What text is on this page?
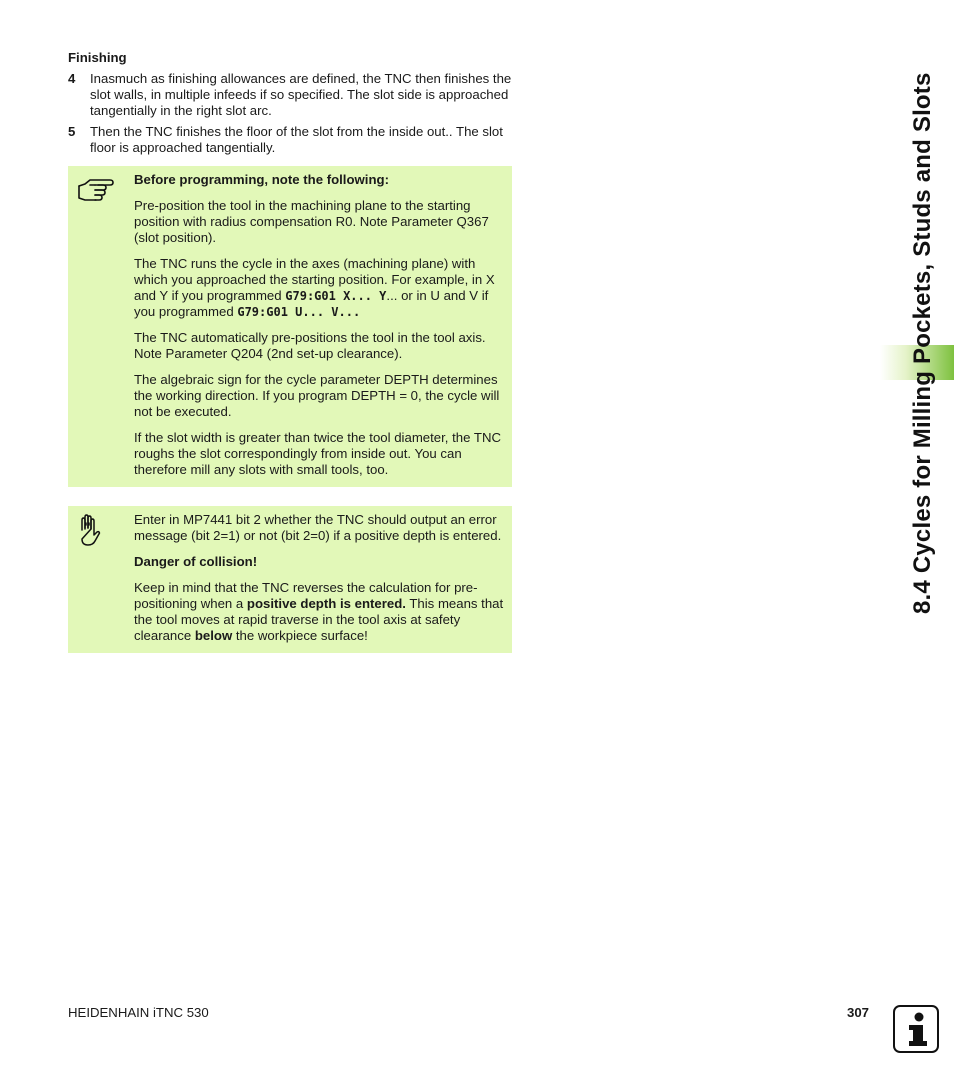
Finishing
4	Inasmuch as finishing allowances are defined, the TNC then finishes the slot walls, in multiple infeeds if so specified. The slot side is approached tangentially in the right slot arc.
5	Then the TNC finishes the floor of the slot from the inside out.. The slot floor is approached tangentially.

Before programming, note the following:

Pre-position the tool in the machining plane to the starting position with radius compensation R0. Note Parameter Q367 (slot position).

The TNC runs the cycle in the axes (machining plane) with which you approached the starting position. For example, in X and Y if you programmed G79:G01 X... Y... or in U and V if you programmed G79:G01 U... V...

The TNC automatically pre-positions the tool in the tool axis. Note Parameter Q204 (2nd set-up clearance).

The algebraic sign for the cycle parameter DEPTH determines the working direction. If you program DEPTH = 0, the cycle will not be executed.

If the slot width is greater than twice the tool diameter, the TNC roughs the slot correspondingly from inside out. You can therefore mill any slots with small tools, too.

Enter in MP7441 bit 2 whether the TNC should output an error message (bit 2=1) or not (bit 2=0) if a positive depth is entered.

Danger of collision!

Keep in mind that the TNC reverses the calculation for pre-positioning when a positive depth is entered. This means that the tool moves at rapid traverse in the tool axis at safety clearance below the workpiece surface!

8.4 Cycles for Milling Pockets, Studs and Slots
HEIDENHAIN iTNC 530	307
